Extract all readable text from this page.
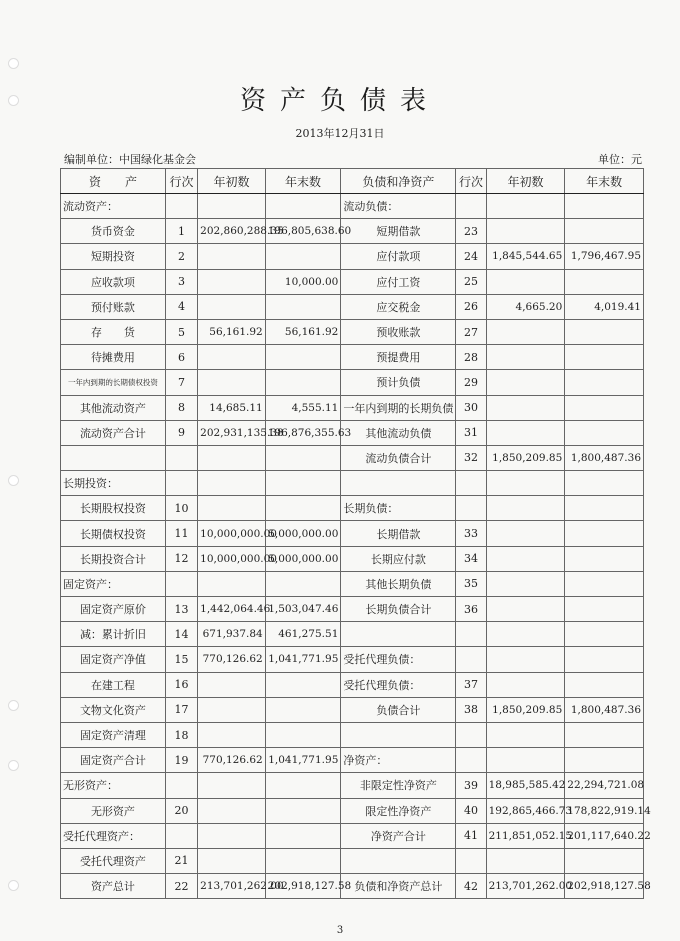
资产负债表
2013年12月31日
编制单位：中国绿化基金会	单位：元
资　　产	行次	年初数	年末数	负债和净资产	行次	年初数	年末数
流动资产：				流动负债：			
货币资金	1	202,860,288.35	196,805,638.60	短期借款	23		
短期投资	2			应付款项	24	1,845,544.65	1,796,467.95
应收款项	3		10,000.00	应付工资	25		
预付账款	4			应交税金	26	4,665.20	4,019.41
存　　货	5	56,161.92	56,161.92	预收账款	27		
待摊费用	6			预提费用	28		
一年内到期的长期债权投资	7			预计负债	29		
其他流动资产	8	14,685.11	4,555.11	一年内到期的长期负债	30		
流动资产合计	9	202,931,135.38	196,876,355.63	其他流动负债	31		
				流动负债合计	32	1,850,209.85	1,800,487.36
长期投资：							
长期股权投资	10			长期负债：			
长期债权投资	11	10,000,000.00	5,000,000.00	长期借款	33		
长期投资合计	12	10,000,000.00	5,000,000.00	长期应付款	34		
固定资产：				其他长期负债	35		
固定资产原价	13	1,442,064.46	1,503,047.46	长期负债合计	36		
减：累计折旧	14	671,937.84	461,275.51				
固定资产净值	15	770,126.62	1,041,771.95	受托代理负债：			
在建工程	16			受托代理负债：	37		
文物文化资产	17			负债合计	38	1,850,209.85	1,800,487.36
固定资产清理	18						
固定资产合计	19	770,126.62	1,041,771.95	净资产：			
无形资产：				非限定性净资产	39	18,985,585.42	22,294,721.08
无形资产	20			限定性净资产	40	192,865,466.73	178,822,919.14
受托代理资产：				净资产合计	41	211,851,052.15	201,117,640.22
受托代理资产	21						
资产总计	22	213,701,262.00	202,918,127.58	负债和净资产总计	42	213,701,262.00	202,918,127.58
3
